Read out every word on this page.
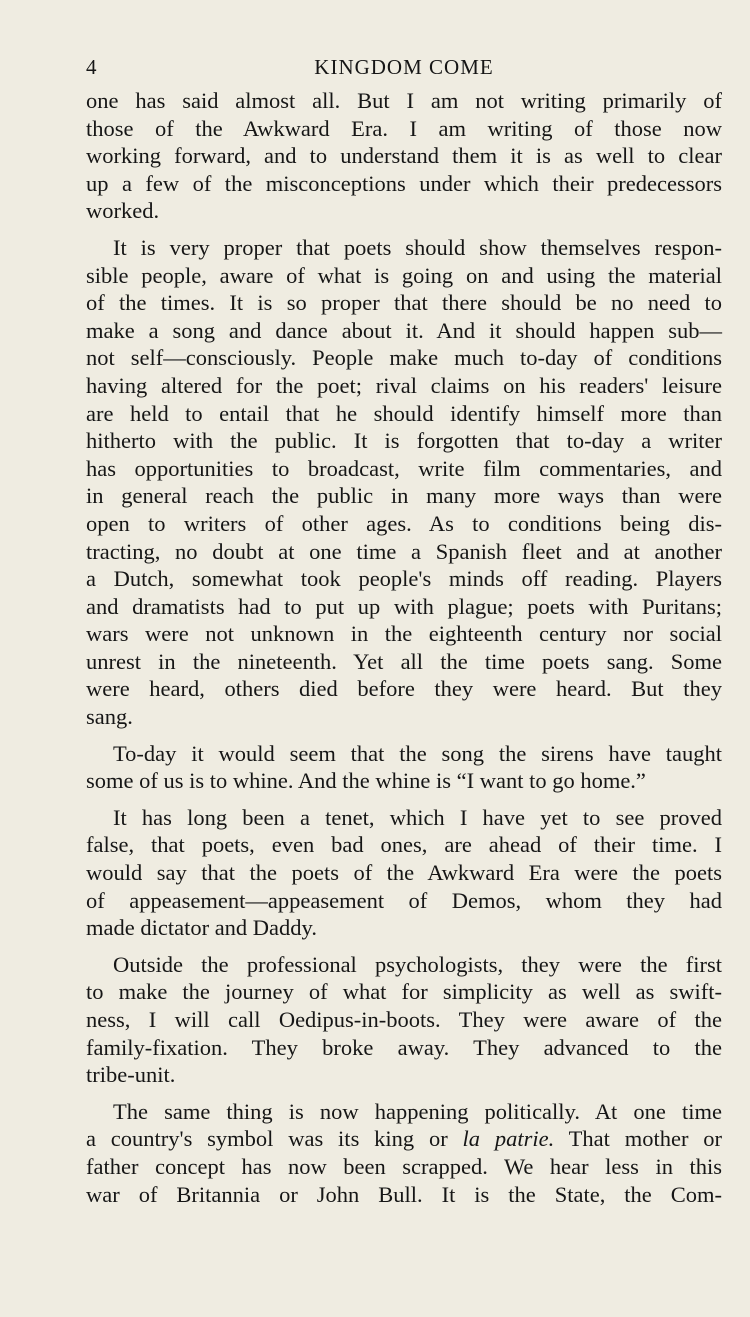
4	KINGDOM COME

one has said almost all. But I am not writing primarily of
those of the Awkward Era. I am writing of those now
working forward, and to understand them it is as well to clear
up a few of the misconceptions under which their predecessors
worked.

It is very proper that poets should show themselves respon-
sible people, aware of what is going on and using the material
of the times. It is so proper that there should be no need to
make a song and dance about it. And it should happen sub—
not self—consciously. People make much to-day of conditions
having altered for the poet; rival claims on his readers' leisure
are held to entail that he should identify himself more than
hitherto with the public. It is forgotten that to-day a writer
has opportunities to broadcast, write film commentaries, and
in general reach the public in many more ways than were
open to writers of other ages. As to conditions being dis-
tracting, no doubt at one time a Spanish fleet and at another
a Dutch, somewhat took people's minds off reading. Players
and dramatists had to put up with plague; poets with Puritans;
wars were not unknown in the eighteenth century nor social
unrest in the nineteenth. Yet all the time poets sang. Some
were heard, others died before they were heard. But they
sang.

To-day it would seem that the song the sirens have taught
some of us is to whine. And the whine is “I want to go home.”

It has long been a tenet, which I have yet to see proved
false, that poets, even bad ones, are ahead of their time. I
would say that the poets of the Awkward Era were the poets
of appeasement—appeasement of Demos, whom they had
made dictator and Daddy.

Outside the professional psychologists, they were the first
to make the journey of what for simplicity as well as swift-
ness, I will call Oedipus-in-boots. They were aware of the
family-fixation. They broke away. They advanced to the
tribe-unit.

The same thing is now happening politically. At one time
a country's symbol was its king or la patrie. That mother or
father concept has now been scrapped. We hear less in this
war of Britannia or John Bull. It is the State, the Com-
